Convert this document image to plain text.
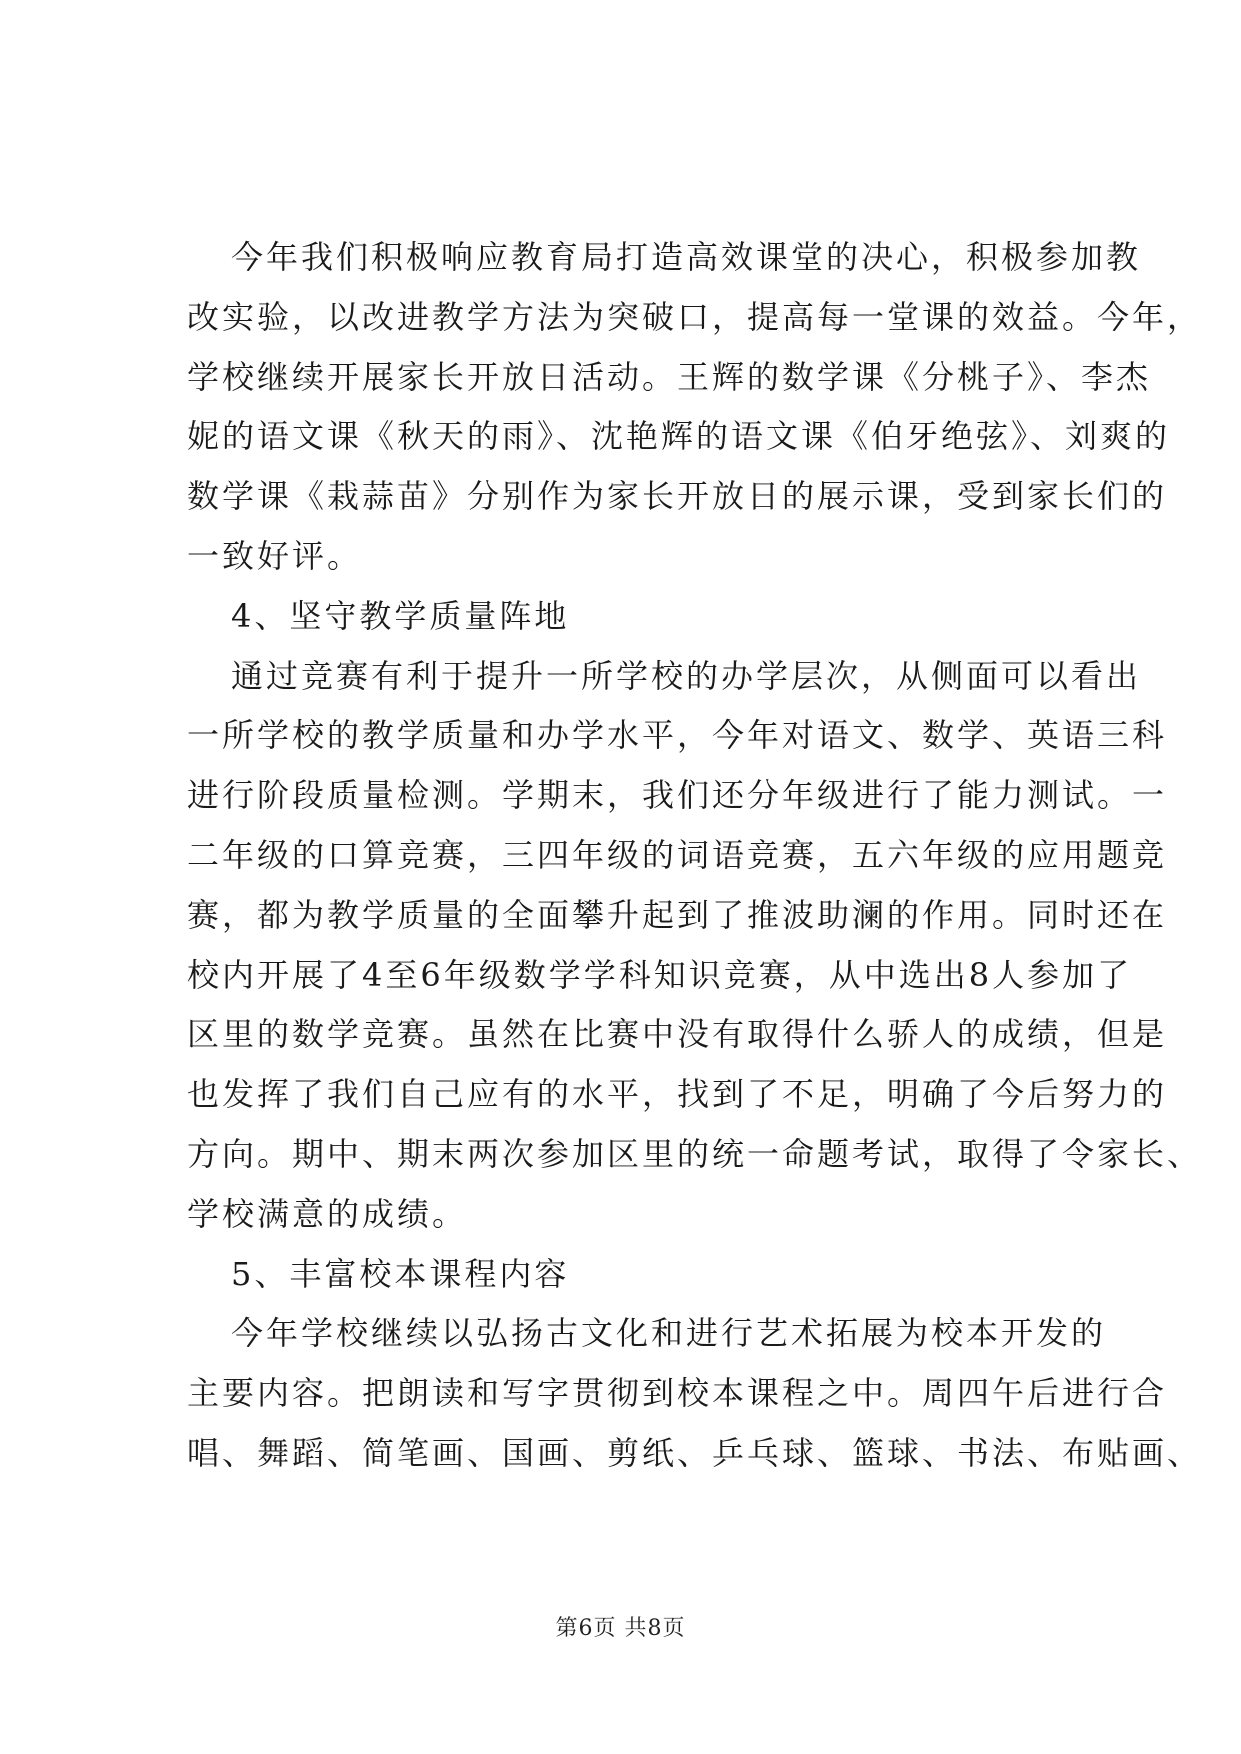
今年我们积极响应教育局打造高效课堂的决心，积极参加教
改实验，以改进教学方法为突破口，提高每一堂课的效益。今年，
学校继续开展家长开放日活动。王辉的数学课《分桃子》、李杰
妮的语文课《秋天的雨》、沈艳辉的语文课《伯牙绝弦》、刘爽的
数学课《栽蒜苗》分别作为家长开放日的展示课，受到家长们的
一致好评。
4、坚守教学质量阵地
通过竞赛有利于提升一所学校的办学层次，从侧面可以看出
一所学校的教学质量和办学水平，今年对语文、数学、英语三科
进行阶段质量检测。学期末，我们还分年级进行了能力测试。一
二年级的口算竞赛，三四年级的词语竞赛，五六年级的应用题竞
赛，都为教学质量的全面攀升起到了推波助澜的作用。同时还在
校内开展了4至6年级数学学科知识竞赛，从中选出8人参加了
区里的数学竞赛。虽然在比赛中没有取得什么骄人的成绩，但是
也发挥了我们自己应有的水平，找到了不足，明确了今后努力的
方向。期中、期末两次参加区里的统一命题考试，取得了令家长、
学校满意的成绩。
5、丰富校本课程内容
今年学校继续以弘扬古文化和进行艺术拓展为校本开发的
主要内容。把朗读和写字贯彻到校本课程之中。周四午后进行合
唱、舞蹈、简笔画、国画、剪纸、乒乓球、篮球、书法、布贴画、
第6页 共8页
